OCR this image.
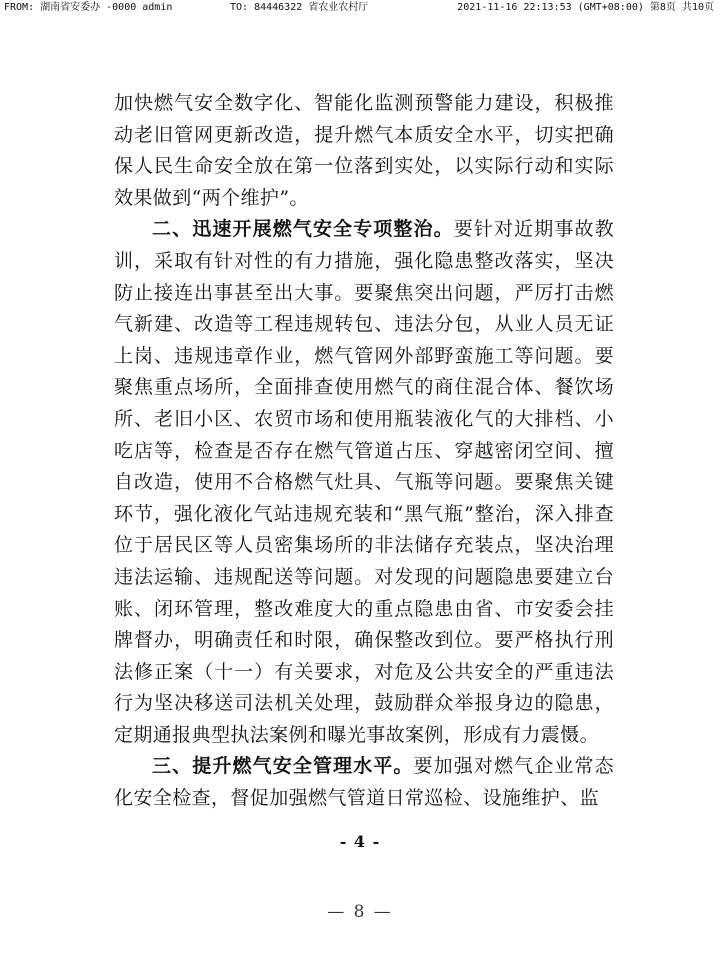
FROM: 湖南省安委办 -0000 admin	TO: 84446322 省农业农村厅	2021-11-16 22:13:53 (GMT+08:00) 第8页 共10页

加快燃气安全数字化、智能化监测预警能力建设，积极推动老旧管网更新改造，提升燃气本质安全水平，切实把确保人民生命安全放在第一位落到实处，以实际行动和实际效果做到“两个维护”。

二、迅速开展燃气安全专项整治。要针对近期事故教训，采取有针对性的有力措施，强化隐患整改落实，坚决防止接连出事甚至出大事。要聚焦突出问题，严厉打击燃气新建、改造等工程违规转包、违法分包，从业人员无证上岗、违规违章作业，燃气管网外部野蛮施工等问题。要聚焦重点场所，全面排查使用燃气的商住混合体、餐饮场所、老旧小区、农贸市场和使用瓶装液化气的大排档、小吃店等，检查是否存在燃气管道占压、穿越密闭空间、擅自改造，使用不合格燃气灶具、气瓶等问题。要聚焦关键环节，强化液化气站违规充装和“黑气瓶”整治，深入排查位于居民区等人员密集场所的非法储存充装点，坚决治理违法运输、违规配送等问题。对发现的问题隐患要建立台账、闭环管理，整改难度大的重点隐患由省、市安委会挂牌督办，明确责任和时限，确保整改到位。要严格执行刑法修正案（十一）有关要求，对危及公共安全的严重违法行为坚决移送司法机关处理，鼓励群众举报身边的隐患，定期通报典型执法案例和曝光事故案例，形成有力震慑。

三、提升燃气安全管理水平。要加强对燃气企业常态化安全检查，督促加强燃气管道日常巡检、设施维护、监

- 4 -
— 8 —
